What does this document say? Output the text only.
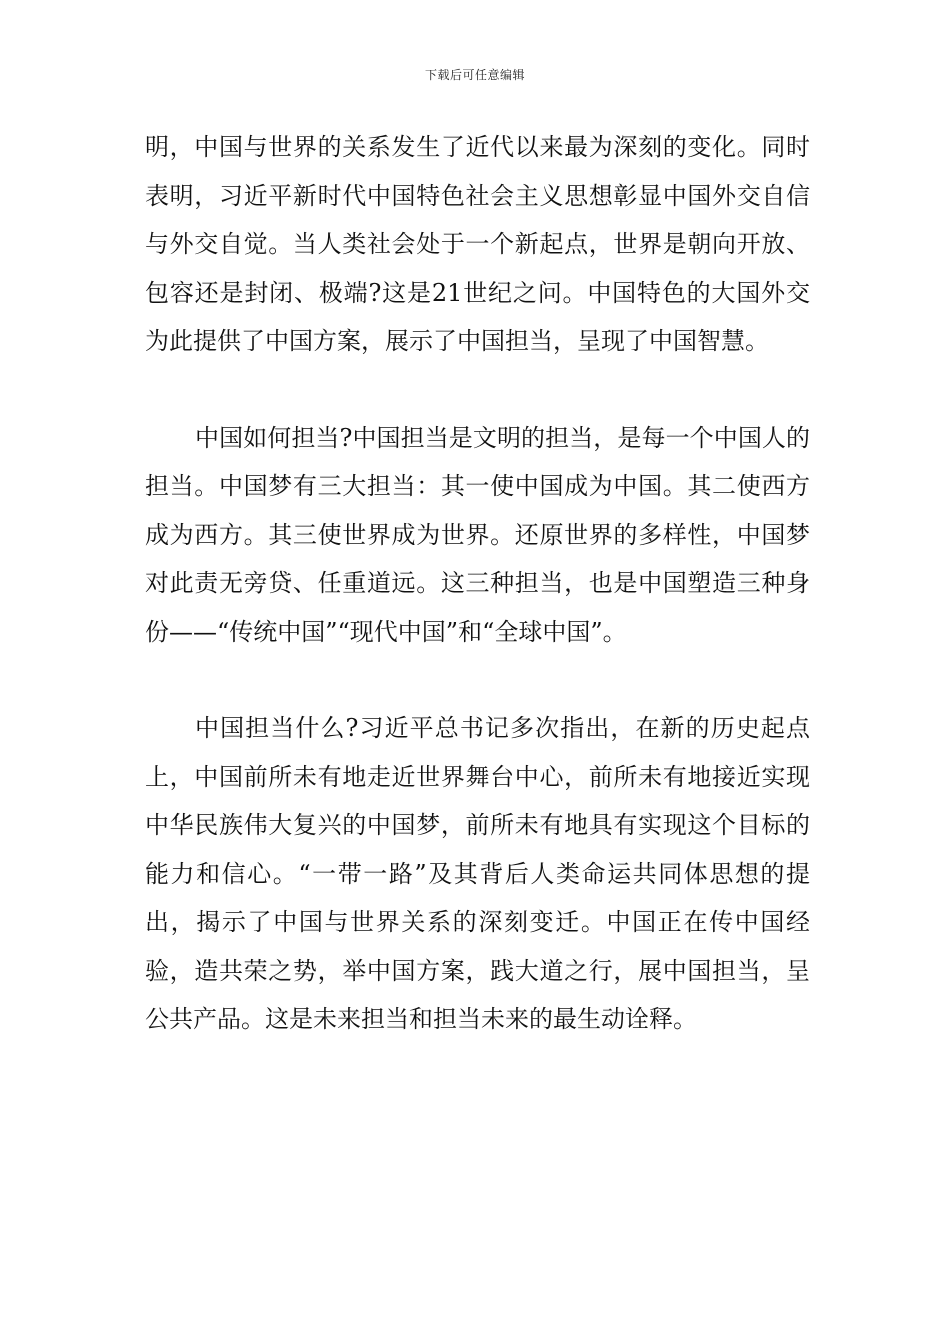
下载后可任意编辑

明，中国与世界的关系发生了近代以来最为深刻的变化。同时表明，习近平新时代中国特色社会主义思想彰显中国外交自信与外交自觉。当人类社会处于一个新起点，世界是朝向开放、包容还是封闭、极端?这是21世纪之问。中国特色的大国外交为此提供了中国方案，展示了中国担当，呈现了中国智慧。

中国如何担当?中国担当是文明的担当，是每一个中国人的担当。中国梦有三大担当：其一使中国成为中国。其二使西方成为西方。其三使世界成为世界。还原世界的多样性，中国梦对此责无旁贷、任重道远。这三种担当，也是中国塑造三种身份——“传统中国”“现代中国”和“全球中国”。

中国担当什么?习近平总书记多次指出，在新的历史起点上，中国前所未有地走近世界舞台中心，前所未有地接近实现中华民族伟大复兴的中国梦，前所未有地具有实现这个目标的能力和信心。“一带一路”及其背后人类命运共同体思想的提出，揭示了中国与世界关系的深刻变迁。中国正在传中国经验，造共荣之势，举中国方案，践大道之行，展中国担当，呈公共产品。这是未来担当和担当未来的最生动诠释。
